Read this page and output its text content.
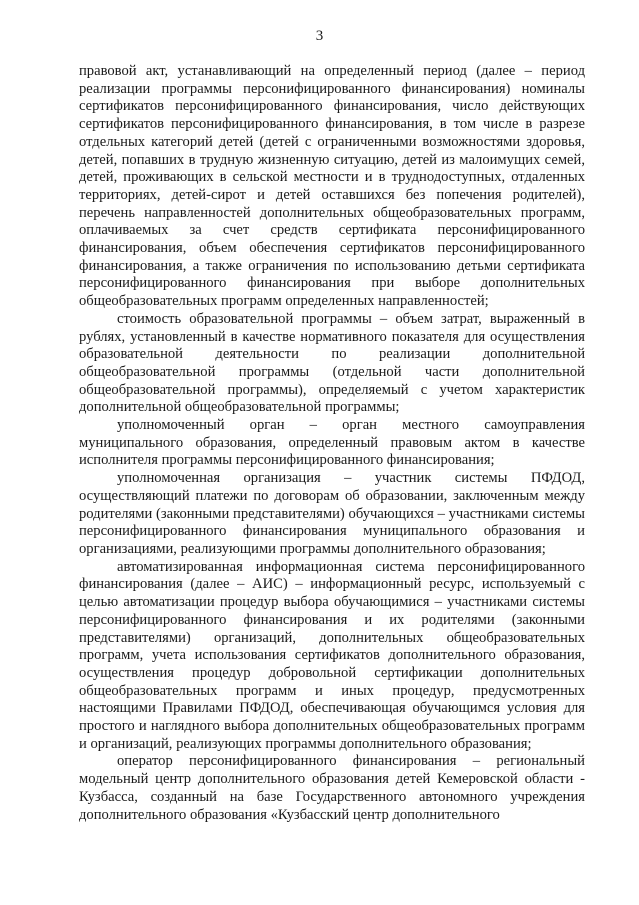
3

правовой акт, устанавливающий на определенный период (далее – период реализации программы персонифицированного финансирования) номиналы сертификатов персонифицированного финансирования, число действующих сертификатов персонифицированного финансирования, в том числе в разрезе отдельных категорий детей (детей с ограниченными возможностями здоровья, детей, попавших в трудную жизненную ситуацию, детей из малоимущих семей, детей, проживающих в сельской местности и в труднодоступных, отдаленных территориях, детей-сирот и детей оставшихся без попечения родителей), перечень направленностей дополнительных общеобразовательных программ, оплачиваемых за счет средств сертификата персонифицированного финансирования, объем обеспечения сертификатов персонифицированного финансирования, а также ограничения по использованию детьми сертификата персонифицированного финансирования при выборе дополнительных общеобразовательных программ определенных направленностей;

стоимость образовательной программы – объем затрат, выраженный в рублях, установленный в качестве нормативного показателя для осуществления образовательной деятельности по реализации дополнительной общеобразовательной программы (отдельной части дополнительной общеобразовательной программы), определяемый с учетом характеристик дополнительной общеобразовательной программы;

уполномоченный орган – орган местного самоуправления муниципального образования, определенный правовым актом в качестве исполнителя программы персонифицированного финансирования;

уполномоченная организация – участник системы ПФДОД, осуществляющий платежи по договорам об образовании, заключенным между родителями (законными представителями) обучающихся – участниками системы персонифицированного финансирования муниципального образования и организациями, реализующими программы дополнительного образования;

автоматизированная информационная система персонифицированного финансирования (далее – АИС) – информационный ресурс, используемый с целью автоматизации процедур выбора обучающимися – участниками системы персонифицированного финансирования и их родителями (законными представителями) организаций, дополнительных общеобразовательных программ, учета использования сертификатов дополнительного образования, осуществления процедур добровольной сертификации дополнительных общеобразовательных программ и иных процедур, предусмотренных настоящими Правилами ПФДОД, обеспечивающая обучающимся условия для простого и наглядного выбора дополнительных общеобразовательных программ и организаций, реализующих программы дополнительного образования;

оператор персонифицированного финансирования – региональный модельный центр дополнительного образования детей Кемеровской области - Кузбасса, созданный на базе Государственного автономного учреждения дополнительного образования «Кузбасский центр дополнительного
